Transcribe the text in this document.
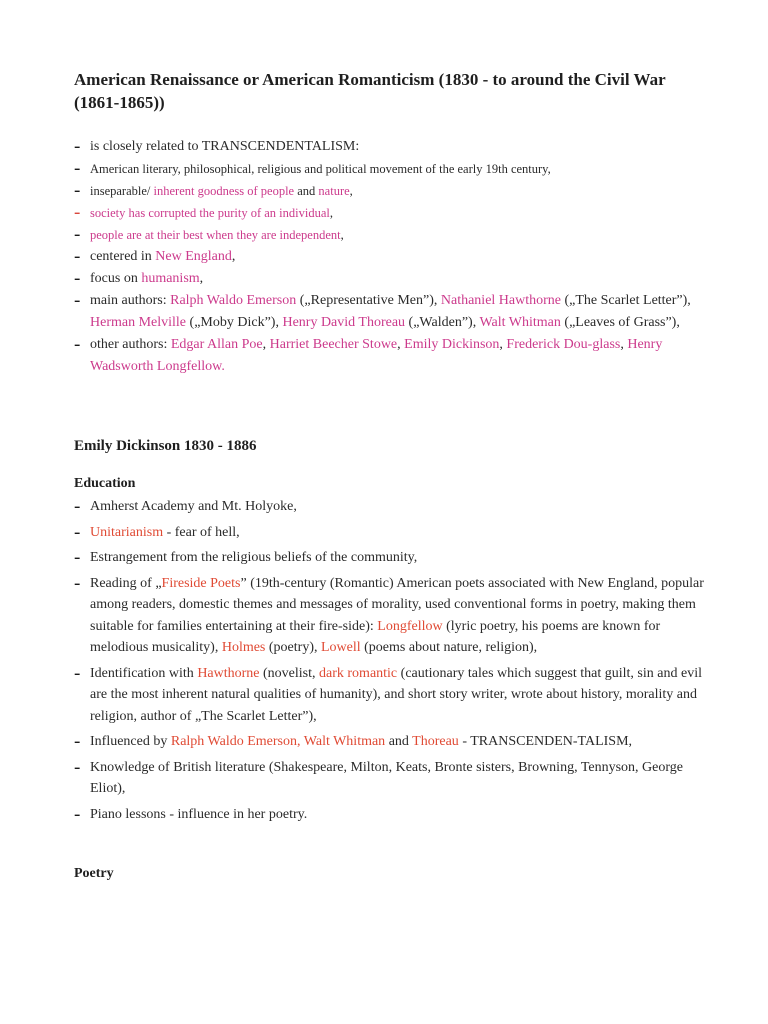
American Renaissance or American Romanticism (1830 - to around the Civil War (1861-1865))
- is closely related to TRANSCENDENTALISM:
- American literary, philosophical, religious and political movement of the early 19th century,
- inseparable/ inherent goodness of people and nature,
- society has corrupted the purity of an individual,
- people are at their best when they are independent,
- centered in New England,
- focus on humanism,
- main authors: Ralph Waldo Emerson („Representative Men”), Nathaniel Hawthorne („The Scarlet Letter”), Herman Melville („Moby Dick”), Henry David Thoreau („Walden”), Walt Whitman („Leaves of Grass”),
- other authors: Edgar Allan Poe, Harriet Beecher Stowe, Emily Dickinson, Frederick Dou-glass, Henry Wadsworth Longfellow.
Emily Dickinson 1830 - 1886
Education
- Amherst Academy and Mt. Holyoke,
- Unitarianism - fear of hell,
- Estrangement from the religious beliefs of the community,
- Reading of „Fireside Poets” (19th-century (Romantic) American poets associated with New England, popular among readers, domestic themes and messages of morality, used conventional forms in poetry, making them suitable for families entertaining at their fire-side): Longfellow (lyric poetry, his poems are known for melodious musicality), Holmes (poetry), Lowell (poems about nature, religion),
- Identification with Hawthorne (novelist, dark romantic (cautionary tales which suggest that guilt, sin and evil are the most inherent natural qualities of humanity), and short story writer, wrote about history, morality and religion, author of „The Scarlet Letter”),
- Influenced by Ralph Waldo Emerson, Walt Whitman and Thoreau - TRANSCENDEN-TALISM,
- Knowledge of British literature (Shakespeare, Milton, Keats, Bronte sisters, Browning, Tennyson, George Eliot),
- Piano lessons - influence in her poetry.
Poetry
